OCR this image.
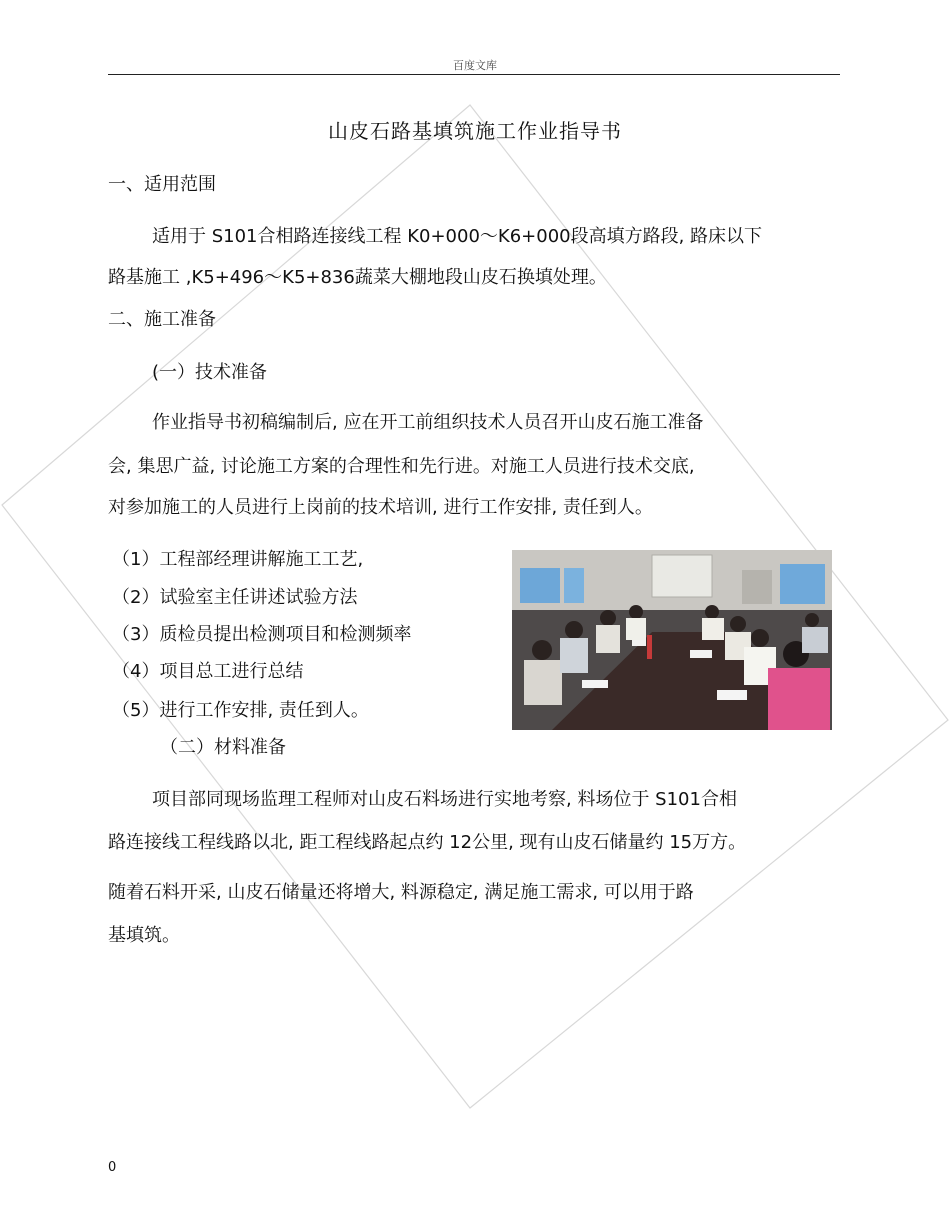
百度文库
山皮石路基填筑施工作业指导书
一、适用范围
适用于 S101合相路连接线工程 K0+000～K6+000段高填方路段, 路床以下
路基施工 ,K5+496～K5+836蔬菜大棚地段山皮石换填处理。
二、施工准备
(一）技术准备
作业指导书初稿编制后, 应在开工前组织技术人员召开山皮石施工准备
会, 集思广益, 讨论施工方案的合理性和先行进。对施工人员进行技术交底,
对参加施工的人员进行上岗前的技术培训, 进行工作安排, 责任到人。
（1）工程部经理讲解施工工艺,
（2）试验室主任讲述试验方法
（3）质检员提出检测项目和检测频率
（4）项目总工进行总结
（5）进行工作安排, 责任到人。
（二）材料准备
项目部同现场监理工程师对山皮石料场进行实地考察, 料场位于 S101合相
路连接线工程线路以北, 距工程线路起点约 12公里, 现有山皮石储量约 15万方。
随着石料开采, 山皮石储量还将增大, 料源稳定, 满足施工需求, 可以用于路
基填筑。
0
